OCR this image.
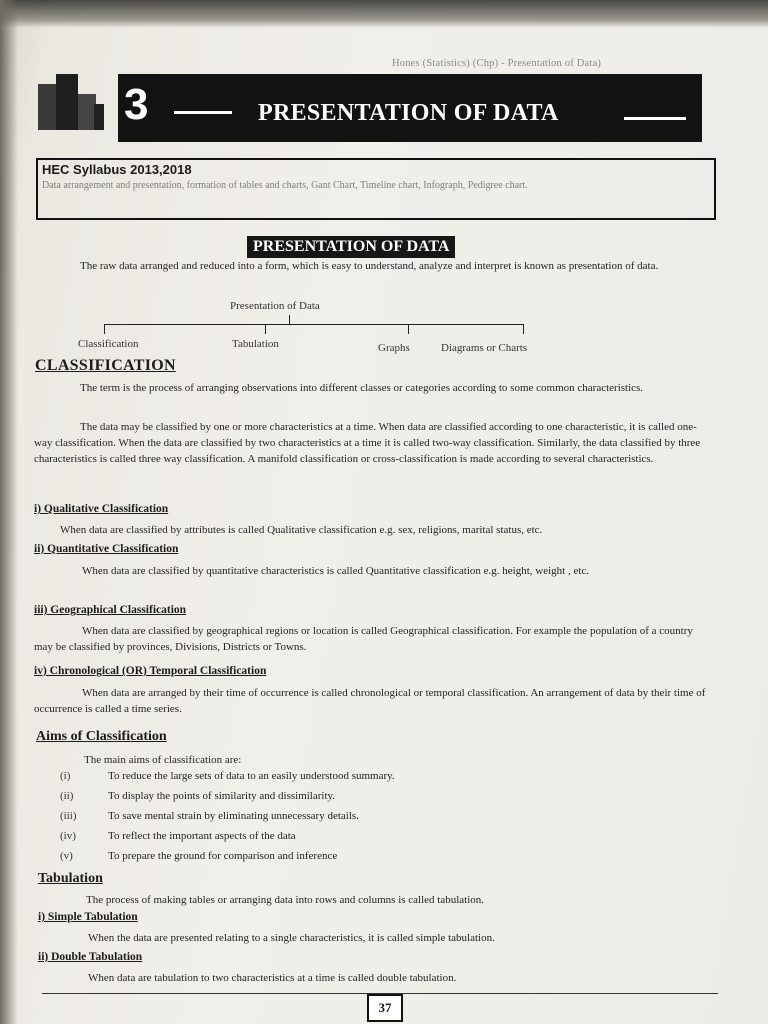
Hones (Statistics) (Chp) - Presentation of Data)
3	PRESENTATION OF DATA
HEC Syllabus 2013,2018
Data arrangement and presentation, formation of tables and charts, Gant Chart, Timeline chart, Infograph, Pedigree chart.
PRESENTATION OF DATA
The raw data arranged and reduced into a form, which is easy to understand, analyze and interpret is known as presentation of data.
Presentation of Data
Classification	Tabulation	Graphs	Diagrams or Charts
CLASSIFICATION
The term is the process of arranging observations into different classes or categories according to some common characteristics.
The data may be classified by one or more characteristics at a time. When data are classified according to one characteristic, it is called one-way classification. When the data are classified by two characteristics at a time it is called two-way classification. Similarly, the data classified by three characteristics is called three way classification. A manifold classification or cross-classification is made according to several characteristics.
i) Qualitative Classification
When data are classified by attributes is called Qualitative classification e.g. sex, religions, marital status, etc.
ii) Quantitative Classification
When data are classified by quantitative characteristics is called Quantitative classification e.g. height, weight , etc.
iii) Geographical Classification
When data are classified by geographical regions or location is called Geographical classification. For example the population of a country may be classified by provinces, Divisions, Districts or Towns.
iv) Chronological (OR) Temporal Classification
When data are arranged by their time of occurrence is called chronological or temporal classification. An arrangement of data by their time of occurrence is called a time series.
Aims of Classification
The main aims of classification are:
(i)	To reduce the large sets of data to an easily understood summary.
(ii)	To display the points of similarity and dissimilarity.
(iii)	To save mental strain by eliminating unnecessary details.
(iv)	To reflect the important aspects of the data
(v)	To prepare the ground for comparison and inference
Tabulation
The process of making tables or arranging data into rows and columns is called tabulation.
i) Simple Tabulation
When the data are presented relating to a single characteristics, it is called simple tabulation.
ii) Double Tabulation
When data are tabulation to two characteristics at a time is called double tabulation.
37
